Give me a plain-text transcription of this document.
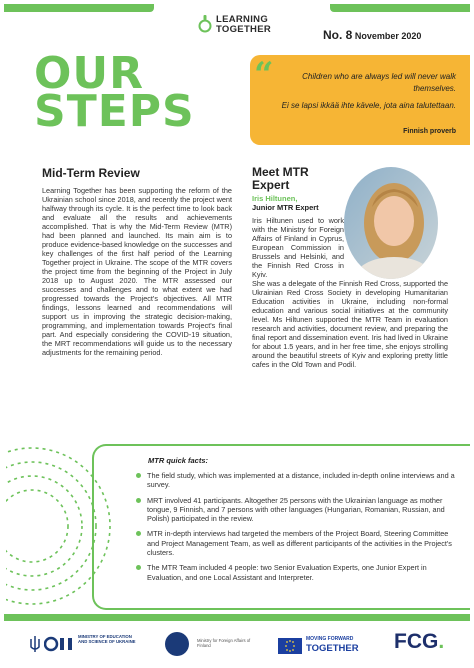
LEARNING
TOGETHER	No. 8 November 2020
OUR
STEPS
Children who are always led will never walk themselves.
Ei se lapsi ikkää ihte kävele, jota aina talutettaan.
Finnish proverb
“
Mid-Term Review

Learning Together has been supporting the reform of the Ukrainian school since 2018, and recently the project went halfway through its cycle. It is the perfect time to look back and evaluate all the results and achievements accomplished. That is why the Mid-Term Review (MTR) had been planned and launched. Its main aim is to produce evidence-based knowledge on the successes and key challenges of the first half period of the Learning Together project in Ukraine. The scope of the MTR covers the project time from the beginning of the Project in July 2018 up to August 2020. The MTR assessed our successes and challenges and to what extent we had progressed towards the Project's objectives. All MTR findings, lessons learned and recommendations will support us in improving the strategic decision-making, programming, and implementation towards Project's final part. And especially considering the COVID-19 situation, the MRT recommendations will guide us to the necessary adjustments for the remaining period.

Meet MTR Expert
Iris Hiltunen,
Junior MTR Expert

Iris Hiltunen used to work with the Ministry for Foreign Affairs of Finland in Cyprus, European Commission in Brussels and Helsinki, and the Finnish Red Cross in Kyiv.

She was a delegate of the Finnish Red Cross, supported the Ukrainian Red Cross Society in developing Humanitarian Education activities in Ukraine, including non-formal education and various social initiatives at the community level. Ms Hiltunen supported the MTR Team in evaluation research and activities, document review, and preparing the final report and dissemination event. Iris had lived in Ukraine for about 1.5 years, and in her free time, she enjoys strolling around the beautiful streets of Kyiv and exploring pretty little cafes in the Old Town and Podil.

MTR quick facts:
The field study, which was implemented at a distance, included in-depth online interviews and a survey.
MRT involved 41 participants. Altogether 25 persons with the Ukrainian language as mother tongue, 9 Finnish, and 7 persons with other languages (Hungarian, Romanian, Russian, and Polish) participated in the review.
MTR in-depth interviews had targeted the members of the Project Board, Steering Committee and Project Management Team, as well as different participants of the activities in the Project's clusters.
The MTR Team included 4 people: two Senior Evaluation Experts, one Junior Expert in Evaluation, and one Local Assistant and Interpreter.
MINISTRY OF EDUCATION AND SCIENCE OF UKRAINE	Ministry for Foreign Affairs of Finland
MOVING FORWARD
TOGETHER FCG.
